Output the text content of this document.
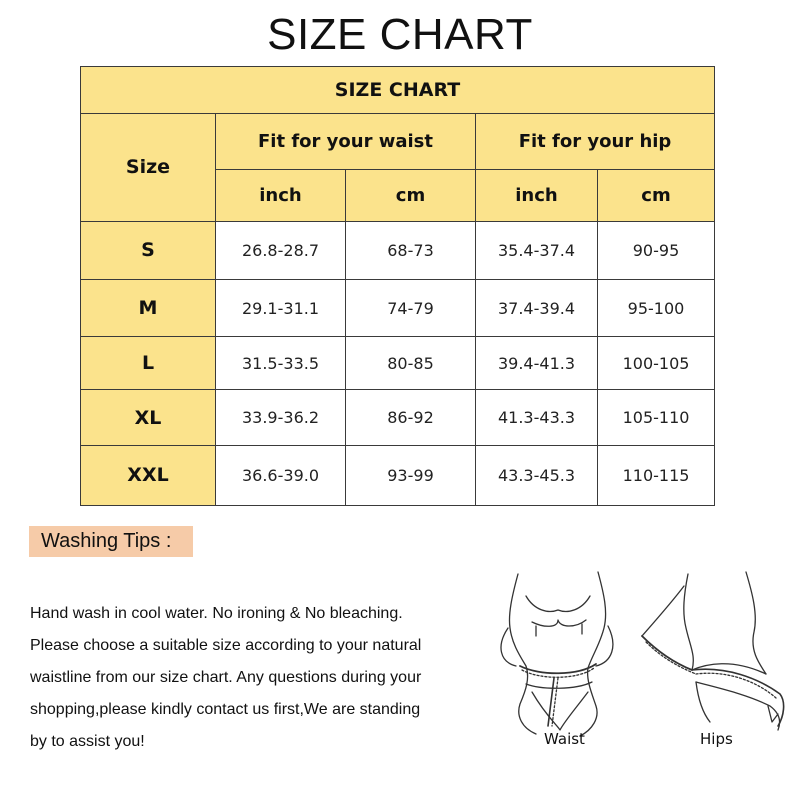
SIZE CHART
SIZE CHART				
Size	Fit for your waist		Fit for your hip	
	inch	cm	inch	cm
S	26.8-28.7	68-73	35.4-37.4	90-95
M	29.1-31.1	74-79	37.4-39.4	95-100
L	31.5-33.5	80-85	39.4-41.3	100-105
XL	33.9-36.2	86-92	41.3-43.3	105-110
XXL	36.6-39.0	93-99	43.3-45.3	110-115
Washing Tips :
Hand wash in cool water. No ironing & No bleaching.
Please choose a suitable size according to your natural
waistline from our size chart. Any questions during your
shopping,please kindly contact us first,We are standing
by to assist you!	Waist	Hips
